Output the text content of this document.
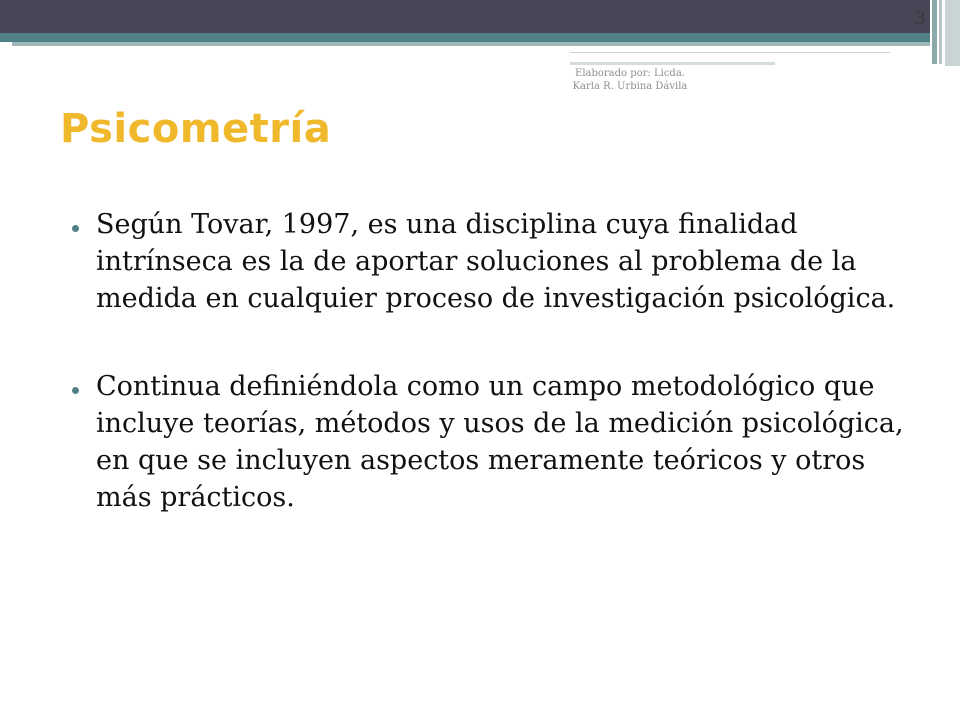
3
Elaborado por: Licda.
Karla R. Urbina Dávila
Psicometría
Según Tovar, 1997, es una disciplina cuya finalidad intrínseca es la de aportar soluciones al problema de la medida en cualquier proceso de investigación psicológica.
Continua definiéndola como un campo metodológico que incluye teorías, métodos y usos de la medición psicológica, en que se incluyen aspectos meramente teóricos y otros más prácticos.
